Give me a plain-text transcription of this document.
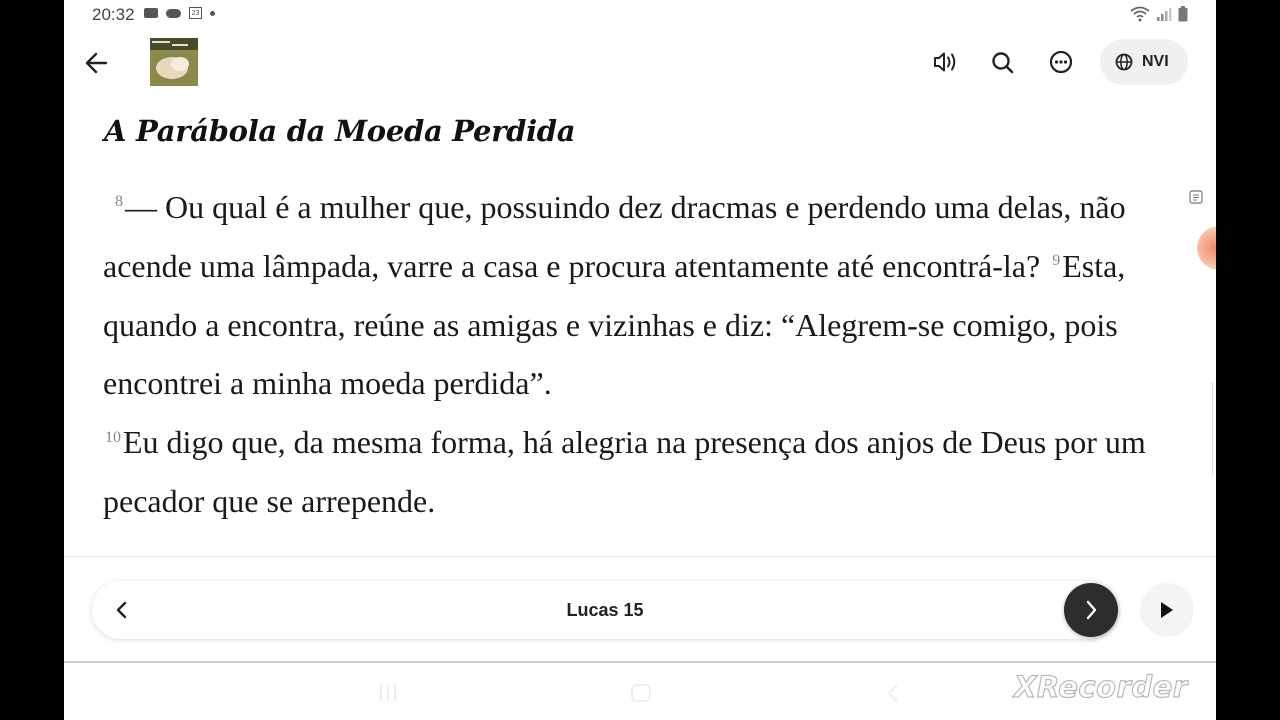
20:32	23
NVI
A Parábola da Moeda Perdida
$^8$— Ou qual é a mulher que, possuindo dez dracmas e perdendo uma delas, não acende uma lâmpada, varre a casa e procura atentamente até encontrá-la? $^9$Esta, quando a encontra, reúne as amigas e vizinhas e diz: “Alegrem-se comigo, pois encontrei a minha moeda perdida”.
$^{10}$Eu digo que, da mesma forma, há alegria na presença dos anjos de Deus por um pecador que se arrepende.
Lucas 15
XRecorder
